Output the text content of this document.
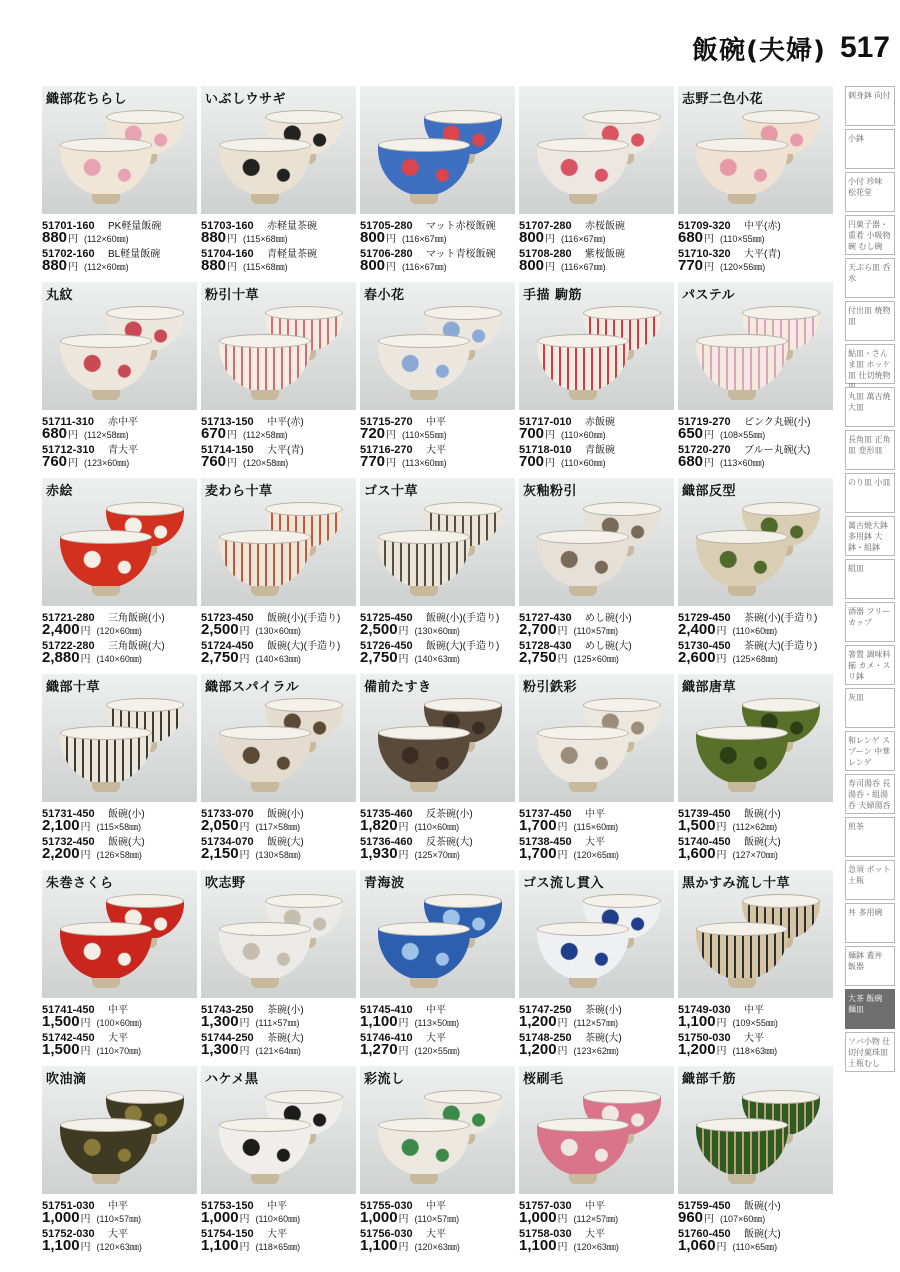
飯碗(夫婦) 517
織部花ちらし
51701-160	PK軽量飯碗
880 円 (112×60㎜)
51702-160	BL軽量飯碗
880 円 (112×60㎜)
いぶしウサギ
51703-160	赤軽量茶碗
880 円 (115×68㎜)
51704-160	青軽量茶碗
880 円 (115×68㎜)
51705-280	マット赤桜飯碗
800 円 (116×67㎜)
51706-280	マット青桜飯碗
800 円 (116×67㎜)
51707-280	赤桜飯碗
800 円 (116×67㎜)
51708-280	紫桜飯碗
800 円 (116×67㎜)
志野二色小花
51709-320	中平(赤)
680 円 (110×55㎜)
51710-320	大平(青)
770 円 (120×56㎜)
丸紋
51711-310	赤中平
680 円 (112×58㎜)
51712-310	青大平
760 円 (123×60㎜)
粉引十草
51713-150	中平(赤)
670 円 (112×58㎜)
51714-150	大平(青)
760 円 (120×58㎜)
春小花
51715-270	中平
720 円 (110×55㎜)
51716-270	大平
770 円 (113×60㎜)
手描 駒筋
51717-010	赤飯碗
700 円 (110×60㎜)
51718-010	青飯碗
700 円 (110×60㎜)
パステル
51719-270	ピンク丸碗(小)
650 円 (108×55㎜)
51720-270	ブルー丸碗(大)
680 円 (113×60㎜)
赤絵
51721-280	三角飯碗(小)
2,400 円 (120×60㎜)
51722-280	三角飯碗(大)
2,880 円 (140×60㎜)
麦わら十草
51723-450	飯碗(小)(手造り)
2,500 円 (130×60㎜)
51724-450	飯碗(大)(手造り)
2,750 円 (140×63㎜)
ゴス十草
51725-450	飯碗(小)(手造り)
2,500 円 (130×60㎜)
51726-450	飯碗(大)(手造り)
2,750 円 (140×63㎜)
灰釉粉引
51727-430	めし碗(小)
2,700 円 (110×57㎜)
51728-430	めし碗(大)
2,750 円 (125×60㎜)
織部反型
51729-450	茶碗(小)(手造り)
2,400 円 (110×60㎜)
51730-450	茶碗(大)(手造り)
2,600 円 (125×68㎜)
織部十草
51731-450	飯碗(小)
2,100 円 (115×58㎜)
51732-450	飯碗(大)
2,200 円 (126×58㎜)
織部スパイラル
51733-070	飯碗(小)
2,050 円 (117×58㎜)
51734-070	飯碗(大)
2,150 円 (130×58㎜)
備前たすき
51735-460	反茶碗(小)
1,820 円 (110×60㎜)
51736-460	反茶碗(大)
1,930 円 (125×70㎜)
粉引鉄彩
51737-450	中平
1,700 円 (115×60㎜)
51738-450	大平
1,700 円 (120×65㎜)
織部唐草
51739-450	飯碗(小)
1,500 円 (112×62㎜)
51740-450	飯碗(大)
1,600 円 (127×70㎜)
朱巻さくら
51741-450	中平
1,500 円 (100×60㎜)
51742-450	大平
1,500 円 (110×70㎜)
吹志野
51743-250	茶碗(小)
1,300 円 (111×57㎜)
51744-250	茶碗(大)
1,300 円 (121×64㎜)
青海波
51745-410	中平
1,100 円 (113×50㎜)
51746-410	大平
1,270 円 (120×55㎜)
ゴス流し貫入
51747-250	茶碗(小)
1,200 円 (112×57㎜)
51748-250	茶碗(大)
1,200 円 (123×62㎜)
黒かすみ流し十草
51749-030	中平
1,100 円 (109×55㎜)
51750-030	大平
1,200 円 (118×63㎜)
吹油滴
51751-030	中平
1,000 円 (110×57㎜)
51752-030	大平
1,100 円 (120×63㎜)
ハケメ黒
51753-150	中平
1,000 円 (110×60㎜)
51754-150	大平
1,100 円 (118×65㎜)
彩流し
51755-030	中平
1,000 円 (110×57㎜)
51756-030	大平
1,100 円 (120×63㎜)
桜刷毛
51757-030	中平
1,000 円 (112×57㎜)
51758-030	大平
1,100 円 (120×63㎜)
織部千筋
51759-450	飯碗(小)
960 円 (107×60㎜)
51760-450	飯碗(大)
1,060 円 (110×65㎜)
刺身鉢 向付
小鉢
小付 珍味 松花堂
円菓子器・重肴 小吸物碗 むし碗
天ぷら皿 呑水
付出皿 焼物皿
鮎皿・さんま皿 ホッケ皿 仕切焼物
丸皿 萬古焼大皿
長角皿 正角皿 変形皿
のり皿 小皿
萬古焼大鉢 多用鉢 大鉢・組鉢
組皿
酒器 フリーカップ
箸置 調味料揃 カメ・スリ鉢
灰皿
和レンゲ スプーン 中華レンゲ
寿司湯呑 長湯呑・組湯呑 夫婦湯呑
煎茶
急須 ポット 土瓶
丼 多用碗
麺鉢 蓋丼 飯器
大茶 飯碗 麺皿
ソバ小物 仕切付菓珠皿 土瓶むし
